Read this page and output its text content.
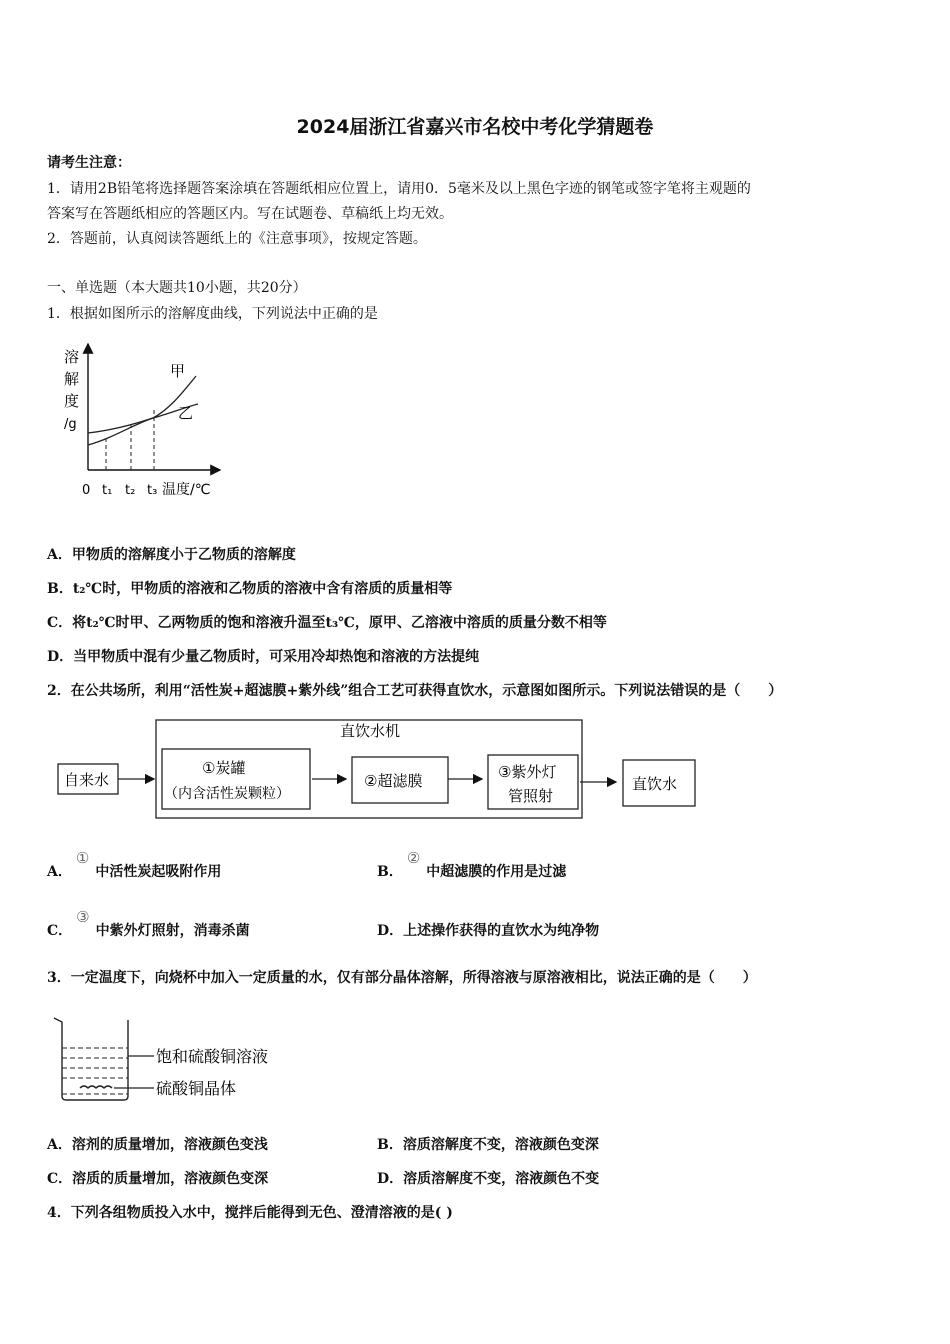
2024届浙江省嘉兴市名校中考化学猜题卷
请考生注意：
1．请用2B铅笔将选择题答案涂填在答题纸相应位置上，请用0．5毫米及以上黑色字迹的钢笔或签字笔将主观题的
答案写在答题纸相应的答题区内。写在试题卷、草稿纸上均无效。
2．答题前，认真阅读答题纸上的《注意事项》，按规定答题。
一、单选题（本大题共10小题，共20分）
1．根据如图所示的溶解度曲线，下列说法中正确的是
溶
解
度
/g
甲
乙
0 t₁ t₂ t₃ 温度/℃
A．甲物质的溶解度小于乙物质的溶解度
B．t₂℃时，甲物质的溶液和乙物质的溶液中含有溶质的质量相等
C．将t₂℃时甲、乙两物质的饱和溶液升温至t₃℃，原甲、乙溶液中溶质的质量分数不相等
D．当甲物质中混有少量乙物质时，可采用冷却热饱和溶液的方法提纯
2．在公共场所，利用“活性炭+超滤膜+紫外线”组合工艺可获得直饮水，示意图如图所示。下列说法错误的是（　　）
直饮水机
自来水
①炭罐
（内含活性炭颗粒）
②超滤膜	③紫外灯
管照射
直饮水
A．①中活性炭起吸附作用	B．②中超滤膜的作用是过滤
C．③中紫外灯照射，消毒杀菌	D．上述操作获得的直饮水为纯净物
3．一定温度下，向烧杯中加入一定质量的水，仅有部分晶体溶解，所得溶液与原溶液相比，说法正确的是（　　）
饱和硫酸铜溶液
硫酸铜晶体
A．溶剂的质量增加，溶液颜色变浅	B．溶质溶解度不变，溶液颜色变深
C．溶质的质量增加，溶液颜色变深	D．溶质溶解度不变，溶液颜色不变
4．下列各组物质投入水中，搅拌后能得到无色、澄清溶液的是( )
